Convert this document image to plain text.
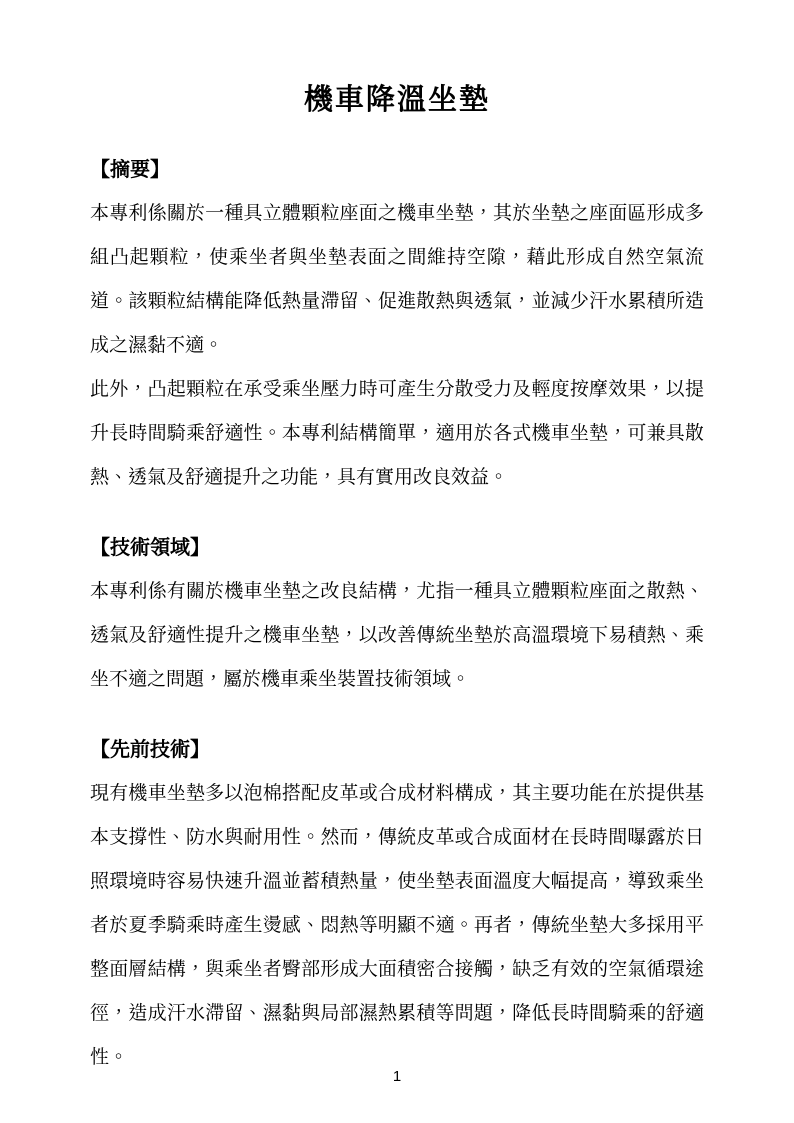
機車降溫坐墊
【摘要】

本專利係關於一種具立體顆粒座面之機車坐墊，其於坐墊之座面區形成多組凸起顆粒，使乘坐者與坐墊表面之間維持空隙，藉此形成自然空氣流道。該顆粒結構能降低熱量滯留、促進散熱與透氣，並減少汗水累積所造成之濕黏不適。

此外，凸起顆粒在承受乘坐壓力時可產生分散受力及輕度按摩效果，以提升長時間騎乘舒適性。本專利結構簡單，適用於各式機車坐墊，可兼具散熱、透氣及舒適提升之功能，具有實用改良效益。

【技術領域】

本專利係有關於機車坐墊之改良結構，尤指一種具立體顆粒座面之散熱、透氣及舒適性提升之機車坐墊，以改善傳統坐墊於高溫環境下易積熱、乘坐不適之問題，屬於機車乘坐裝置技術領域。

【先前技術】

現有機車坐墊多以泡棉搭配皮革或合成材料構成，其主要功能在於提供基本支撐性、防水與耐用性。然而，傳統皮革或合成面材在長時間曝露於日照環境時容易快速升溫並蓄積熱量，使坐墊表面溫度大幅提高，導致乘坐者於夏季騎乘時產生燙感、悶熱等明顯不適。再者，傳統坐墊大多採用平整面層結構，與乘坐者臀部形成大面積密合接觸，缺乏有效的空氣循環途徑，造成汗水滯留、濕黏與局部濕熱累積等問題，降低長時間騎乘的舒適性。

1
